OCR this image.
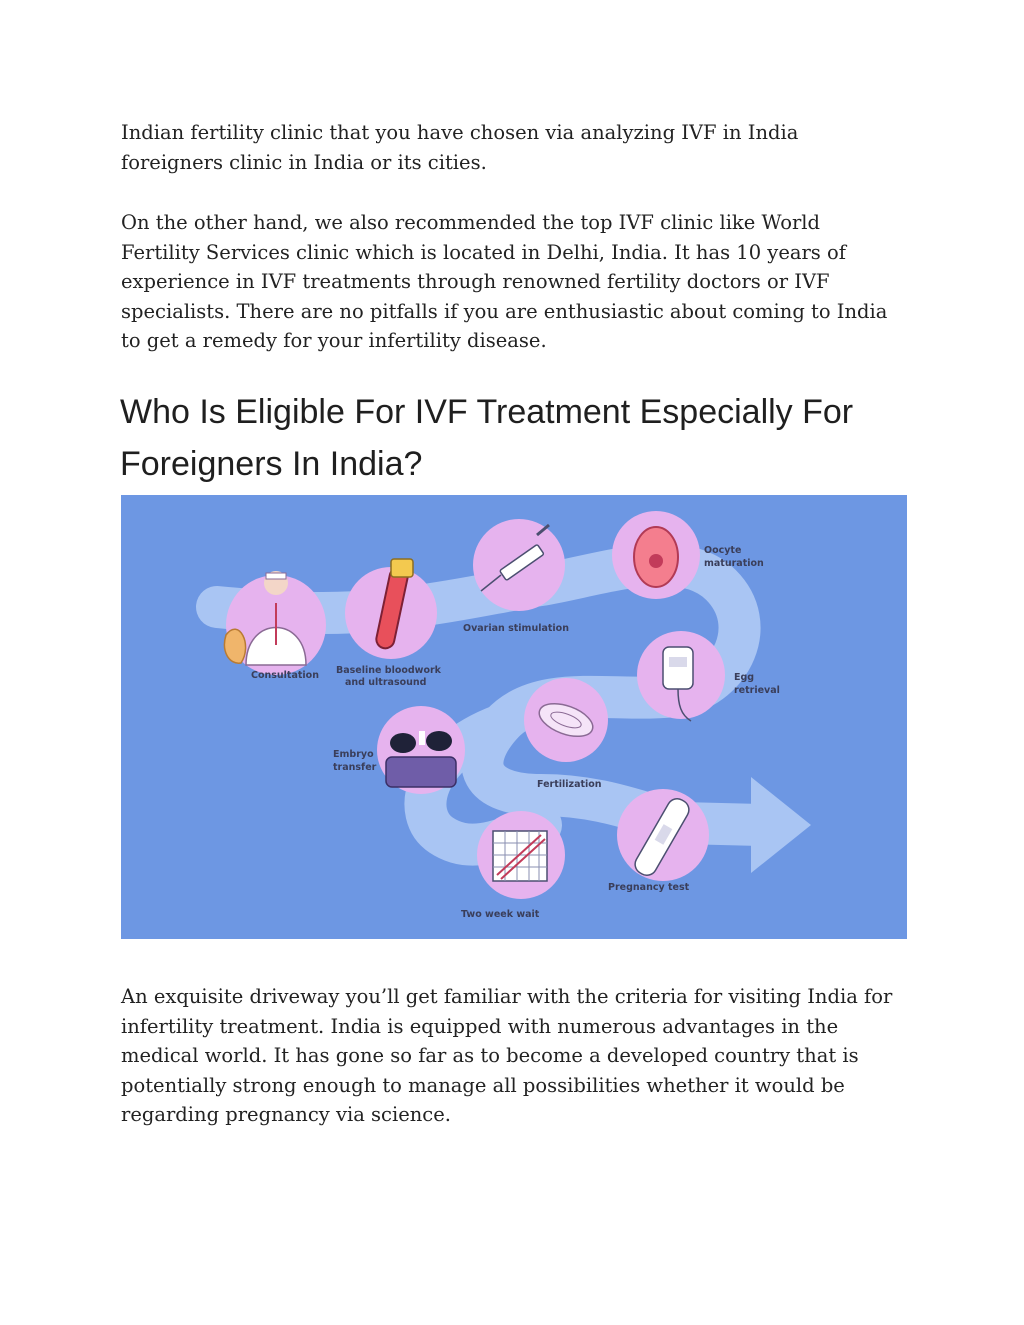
Indian fertility clinic that you have chosen via analyzing IVF in India
foreigners clinic in India or its cities.

On the other hand, we also recommended the top IVF clinic like World
Fertility Services clinic which is located in Delhi, India. It has 10 years of
experience in IVF treatments through renowned fertility doctors or IVF
specialists. There are no pitfalls if you are enthusiastic about coming to India
to get a remedy for your infertility disease.

Who Is Eligible For IVF Treatment Especially For
Foreigners In India?
Consultation Baseline bloodwork
and ultrasound
Ovarian stimulation
Oocyte
maturation
Egg
retrieval
Fertilization
Embryo
transfer
Two week wait
Pregnancy test

An exquisite driveway you’ll get familiar with the criteria for visiting India for
infertility treatment. India is equipped with numerous advantages in the
medical world. It has gone so far as to become a developed country that is
potentially strong enough to manage all possibilities whether it would be
regarding pregnancy via science.
